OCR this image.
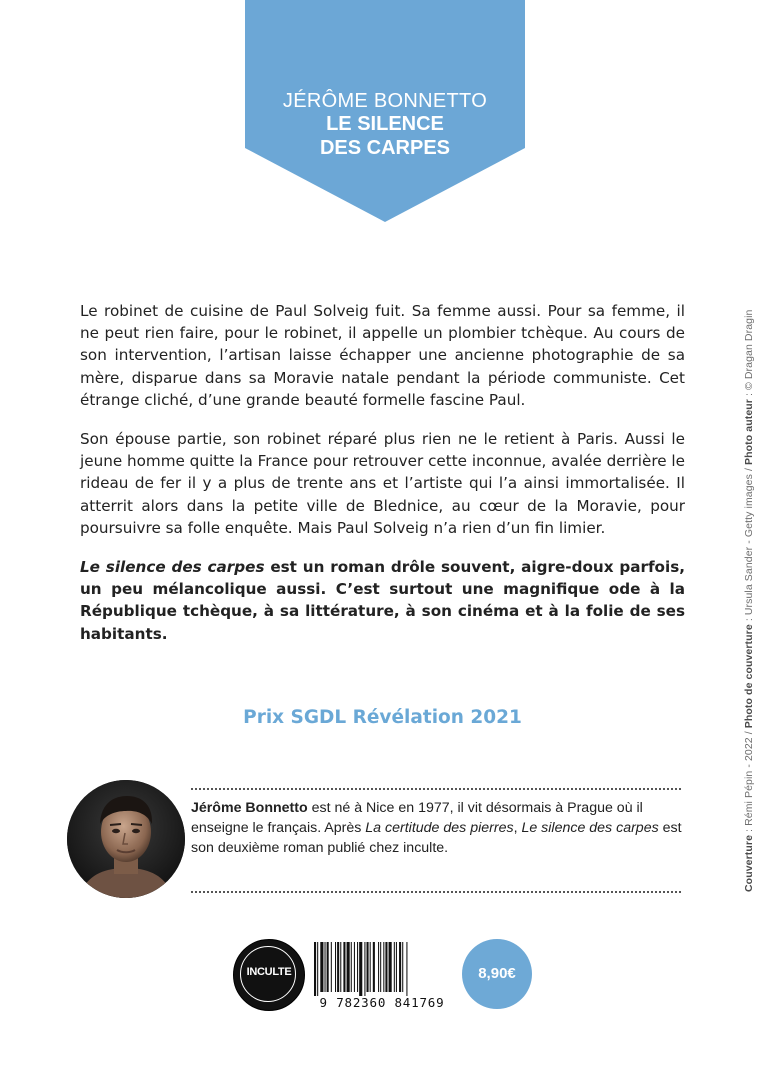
JÉRÔME BONNETTO
LE SILENCE
DES CARPES
Couverture : Rémi Pépin - 2022 / Photo de couverture : Ursula Sander - Getty images / Photo auteur : © Dragan Dragin

Le robinet de cuisine de Paul Solveig fuit. Sa femme aussi. Pour sa femme, il ne peut rien faire, pour le robinet, il appelle un plombier tchèque. Au cours de son intervention, l’artisan laisse échapper une ancienne photographie de sa mère, disparue dans sa Moravie natale pendant la période communiste. Cet étrange cliché, d’une grande beauté formelle fascine Paul.

Son épouse partie, son robinet réparé plus rien ne le retient à Paris. Aussi le jeune homme quitte la France pour retrouver cette inconnue, avalée derrière le rideau de fer il y a plus de trente ans et l’artiste qui l’a ainsi immortalisée. Il atterrit alors dans la petite ville de Blednice, au cœur de la Moravie, pour poursuivre sa folle enquête. Mais Paul Solveig n’a rien d’un fin limier.

Le silence des carpes est un roman drôle souvent, aigre-doux parfois, un peu mélancolique aussi. C’est surtout une magnifique ode à la République tchèque, à sa littérature, à son cinéma et à la folie de ses habitants.

Prix SGDL Révélation 2021
Jérôme Bonnetto est né à Nice en 1977, il vit désormais à Prague où il enseigne le français. Après La certitude des pierres, Le silence des carpes est son deuxième roman publié chez inculte.
INCULTE
9 782360 841769
8,90€
